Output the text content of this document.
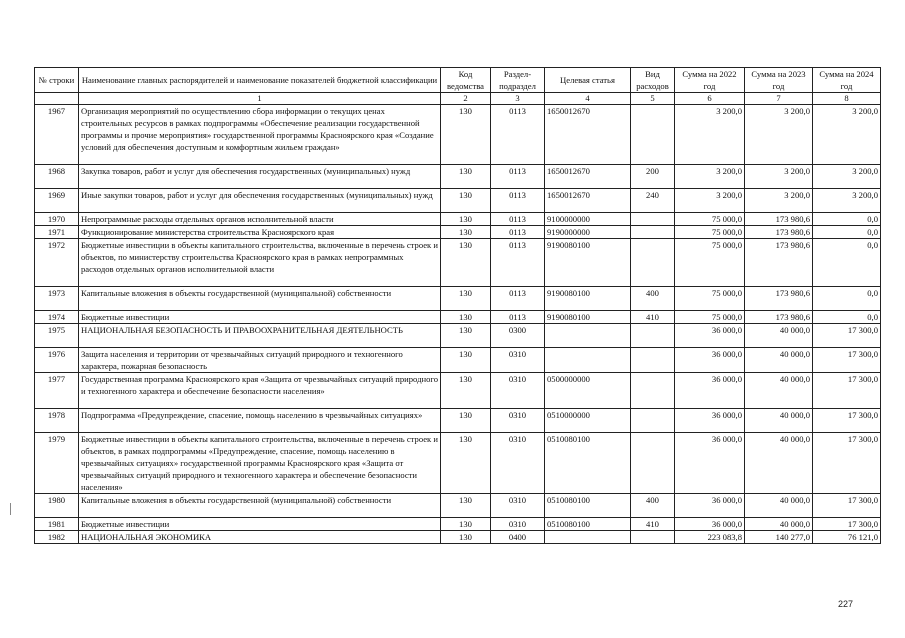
№ строки	Наименование главных распорядителей и наименование показателей бюджетной классификации	Код ведомства	Раздел-подраздел	Целевая статья	Вид расходов	Сумма на 2022 год	Сумма на 2023 год	Сумма на 2024 год
	1	2	3	4	5	6	7	8
1967	Организация мероприятий по осуществлению сбора информации о текущих ценах строительных ресурсов в рамках подпрограммы «Обеспечение реализации государственной программы и прочие мероприятия» государственной программы Красноярского края «Создание условий для обеспечения доступным и комфортным жильем граждан»	130	0113	1650012670		3 200,0	3 200,0	3 200,0
1968	Закупка товаров, работ и услуг для обеспечения государственных (муниципальных) нужд	130	0113	1650012670	200	3 200,0	3 200,0	3 200,0
1969	Иные закупки товаров, работ и услуг для обеспечения государственных (муниципальных) нужд	130	0113	1650012670	240	3 200,0	3 200,0	3 200,0
1970	Непрограммные расходы отдельных органов исполнительной власти	130	0113	9100000000		75 000,0	173 980,6	0,0
1971	Функционирование министерства строительства Красноярского края	130	0113	9190000000		75 000,0	173 980,6	0,0
1972	Бюджетные инвестиции в объекты капитального строительства, включенные в перечень строек и объектов, по министерству строительства Красноярского края в рамках непрограммных расходов отдельных органов исполнительной власти	130	0113	9190080100		75 000,0	173 980,6	0,0
1973	Капитальные вложения в объекты государственной (муниципальной) собственности	130	0113	9190080100	400	75 000,0	173 980,6	0,0
1974	Бюджетные инвестиции	130	0113	9190080100	410	75 000,0	173 980,6	0,0
1975	НАЦИОНАЛЬНАЯ БЕЗОПАСНОСТЬ И ПРАВООХРАНИТЕЛЬНАЯ ДЕЯТЕЛЬНОСТЬ	130	0300			36 000,0	40 000,0	17 300,0
1976	Защита населения и территории от чрезвычайных ситуаций природного и техногенного характера, пожарная безопасность	130	0310			36 000,0	40 000,0	17 300,0
1977	Государственная программа Красноярского края «Защита от чрезвычайных ситуаций природного и техногенного характера и обеспечение безопасности населения»	130	0310	0500000000		36 000,0	40 000,0	17 300,0
1978	Подпрограмма «Предупреждение, спасение, помощь населению в чрезвычайных ситуациях»	130	0310	0510000000		36 000,0	40 000,0	17 300,0
1979	Бюджетные инвестиции в объекты капитального строительства, включенные в перечень строек и объектов, в рамках подпрограммы «Предупреждение, спасение, помощь населению в чрезвычайных ситуациях» государственной программы Красноярского края «Защита от чрезвычайных ситуаций природного и техногенного характера и обеспечение безопасности населения»	130	0310	0510080100		36 000,0	40 000,0	17 300,0
1980	Капитальные вложения в объекты государственной (муниципальной) собственности	130	0310	0510080100	400	36 000,0	40 000,0	17 300,0
1981	Бюджетные инвестиции	130	0310	0510080100	410	36 000,0	40 000,0	17 300,0
1982	НАЦИОНАЛЬНАЯ ЭКОНОМИКА	130	0400			223 083,8	140 277,0	76 121,0
227
